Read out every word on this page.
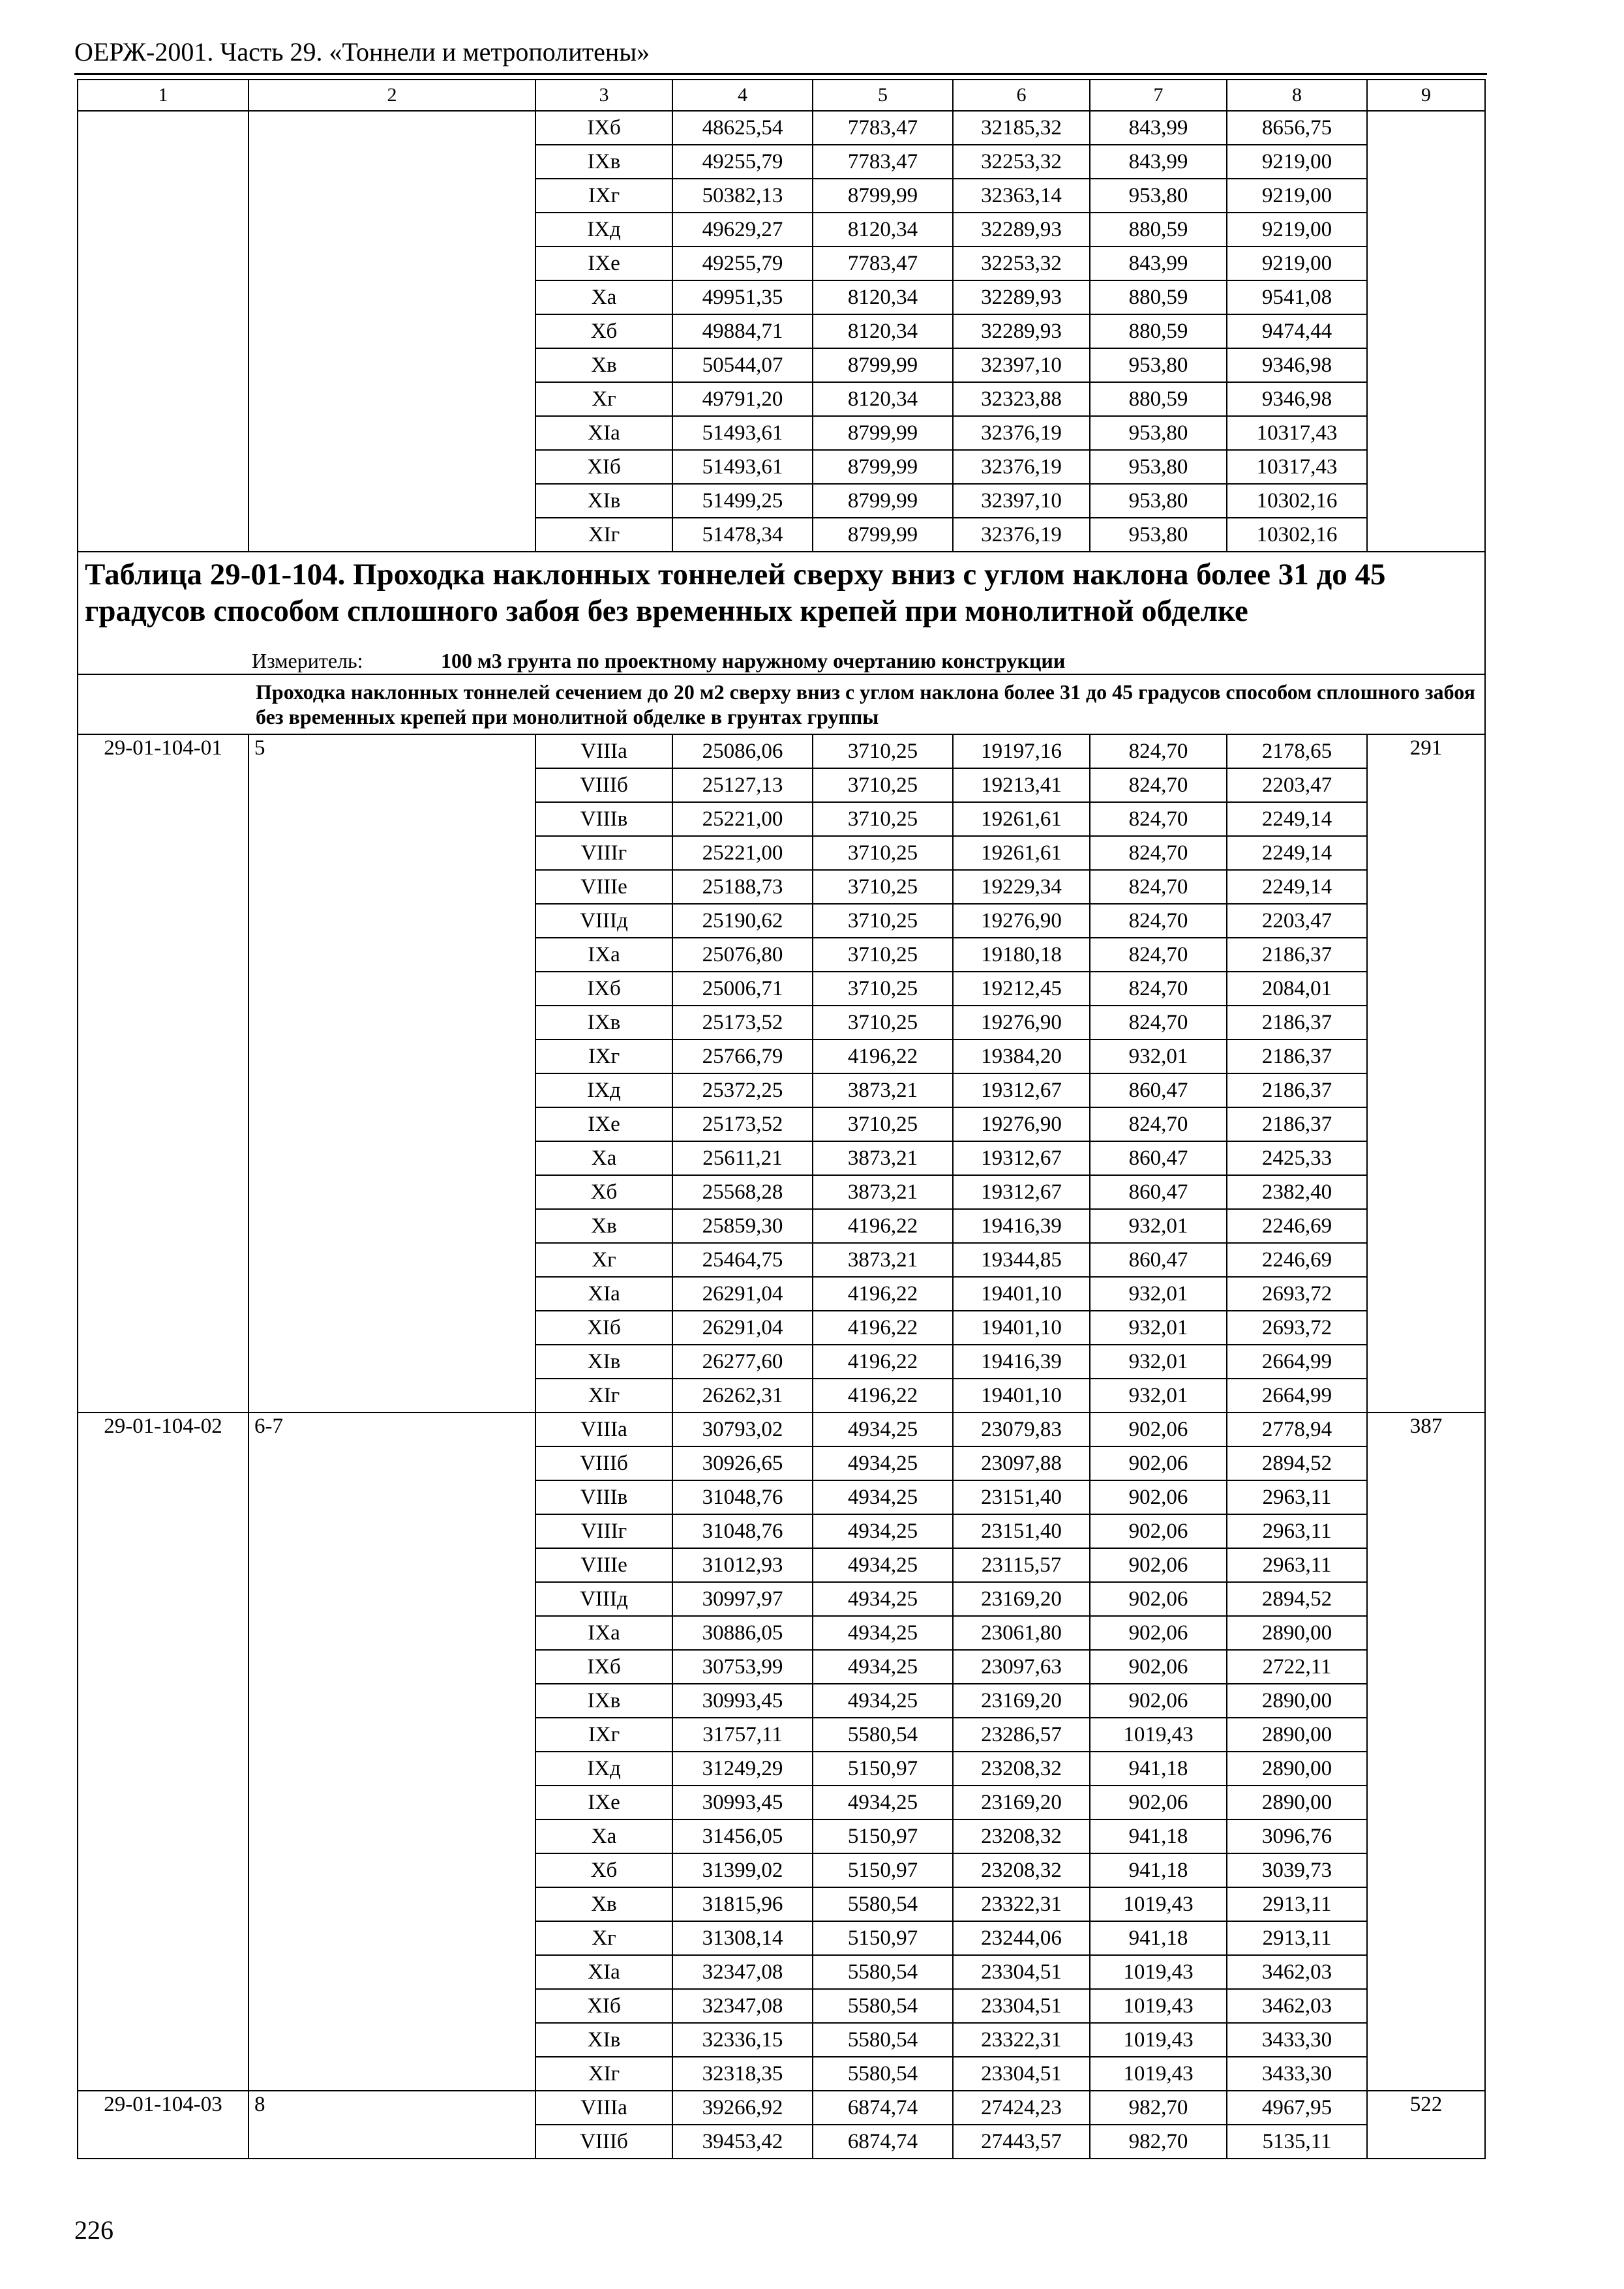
ОЕРЖ-2001. Часть 29. «Тоннели и метрополитены»
1	2	3	4	5	6	7	8	9
		IXб	48625,54	7783,47	32185,32	843,99	8656,75	
		IXв	49255,79	7783,47	32253,32	843,99	9219,00	
		IXг	50382,13	8799,99	32363,14	953,80	9219,00	
		IXд	49629,27	8120,34	32289,93	880,59	9219,00	
		IXе	49255,79	7783,47	32253,32	843,99	9219,00	
		Xа	49951,35	8120,34	32289,93	880,59	9541,08	
		Xб	49884,71	8120,34	32289,93	880,59	9474,44	
		Xв	50544,07	8799,99	32397,10	953,80	9346,98	
		Xг	49791,20	8120,34	32323,88	880,59	9346,98	
		XIа	51493,61	8799,99	32376,19	953,80	10317,43	
		XIб	51493,61	8799,99	32376,19	953,80	10317,43	
		XIв	51499,25	8799,99	32397,10	953,80	10302,16	
		XIг	51478,34	8799,99	32376,19	953,80	10302,16	
Таблица 29-01-104. Проходка наклонных тоннелей сверху вниз с углом наклона более 31 до 45 градусов способом сплошного забоя без временных крепей при монолитной обделке								
Измеритель: 100 м3 грунта по проектному наружному очертанию конструкции								
Проходка наклонных тоннелей сечением до 20 м2 сверху вниз с углом наклона более 31 до 45 градусов способом сплошного забоя без временных крепей при монолитной обделке в грунтах группы								
29-01-104-01	5	VIIIа	25086,06	3710,25	19197,16	824,70	2178,65	291
		VIIIб	25127,13	3710,25	19213,41	824,70	2203,47	
		VIIIв	25221,00	3710,25	19261,61	824,70	2249,14	
		VIIIг	25221,00	3710,25	19261,61	824,70	2249,14	
		VIIIе	25188,73	3710,25	19229,34	824,70	2249,14	
		VIIIд	25190,62	3710,25	19276,90	824,70	2203,47	
		IXа	25076,80	3710,25	19180,18	824,70	2186,37	
		IXб	25006,71	3710,25	19212,45	824,70	2084,01	
		IXв	25173,52	3710,25	19276,90	824,70	2186,37	
		IXг	25766,79	4196,22	19384,20	932,01	2186,37	
		IXд	25372,25	3873,21	19312,67	860,47	2186,37	
		IXе	25173,52	3710,25	19276,90	824,70	2186,37	
		Xа	25611,21	3873,21	19312,67	860,47	2425,33	
		Xб	25568,28	3873,21	19312,67	860,47	2382,40	
		Xв	25859,30	4196,22	19416,39	932,01	2246,69	
		Xг	25464,75	3873,21	19344,85	860,47	2246,69	
		XIа	26291,04	4196,22	19401,10	932,01	2693,72	
		XIб	26291,04	4196,22	19401,10	932,01	2693,72	
		XIв	26277,60	4196,22	19416,39	932,01	2664,99	
		XIг	26262,31	4196,22	19401,10	932,01	2664,99	
29-01-104-02	6-7	VIIIа	30793,02	4934,25	23079,83	902,06	2778,94	387
		VIIIб	30926,65	4934,25	23097,88	902,06	2894,52	
		VIIIв	31048,76	4934,25	23151,40	902,06	2963,11	
		VIIIг	31048,76	4934,25	23151,40	902,06	2963,11	
		VIIIе	31012,93	4934,25	23115,57	902,06	2963,11	
		VIIIд	30997,97	4934,25	23169,20	902,06	2894,52	
		IXа	30886,05	4934,25	23061,80	902,06	2890,00	
		IXб	30753,99	4934,25	23097,63	902,06	2722,11	
		IXв	30993,45	4934,25	23169,20	902,06	2890,00	
		IXг	31757,11	5580,54	23286,57	1019,43	2890,00	
		IXд	31249,29	5150,97	23208,32	941,18	2890,00	
		IXе	30993,45	4934,25	23169,20	902,06	2890,00	
		Xа	31456,05	5150,97	23208,32	941,18	3096,76	
		Xб	31399,02	5150,97	23208,32	941,18	3039,73	
		Xв	31815,96	5580,54	23322,31	1019,43	2913,11	
		Xг	31308,14	5150,97	23244,06	941,18	2913,11	
		XIа	32347,08	5580,54	23304,51	1019,43	3462,03	
		XIб	32347,08	5580,54	23304,51	1019,43	3462,03	
		XIв	32336,15	5580,54	23322,31	1019,43	3433,30	
		XIг	32318,35	5580,54	23304,51	1019,43	3433,30	
29-01-104-03	8	VIIIа	39266,92	6874,74	27424,23	982,70	4967,95	522
		VIIIб	39453,42	6874,74	27443,57	982,70	5135,11	
226
